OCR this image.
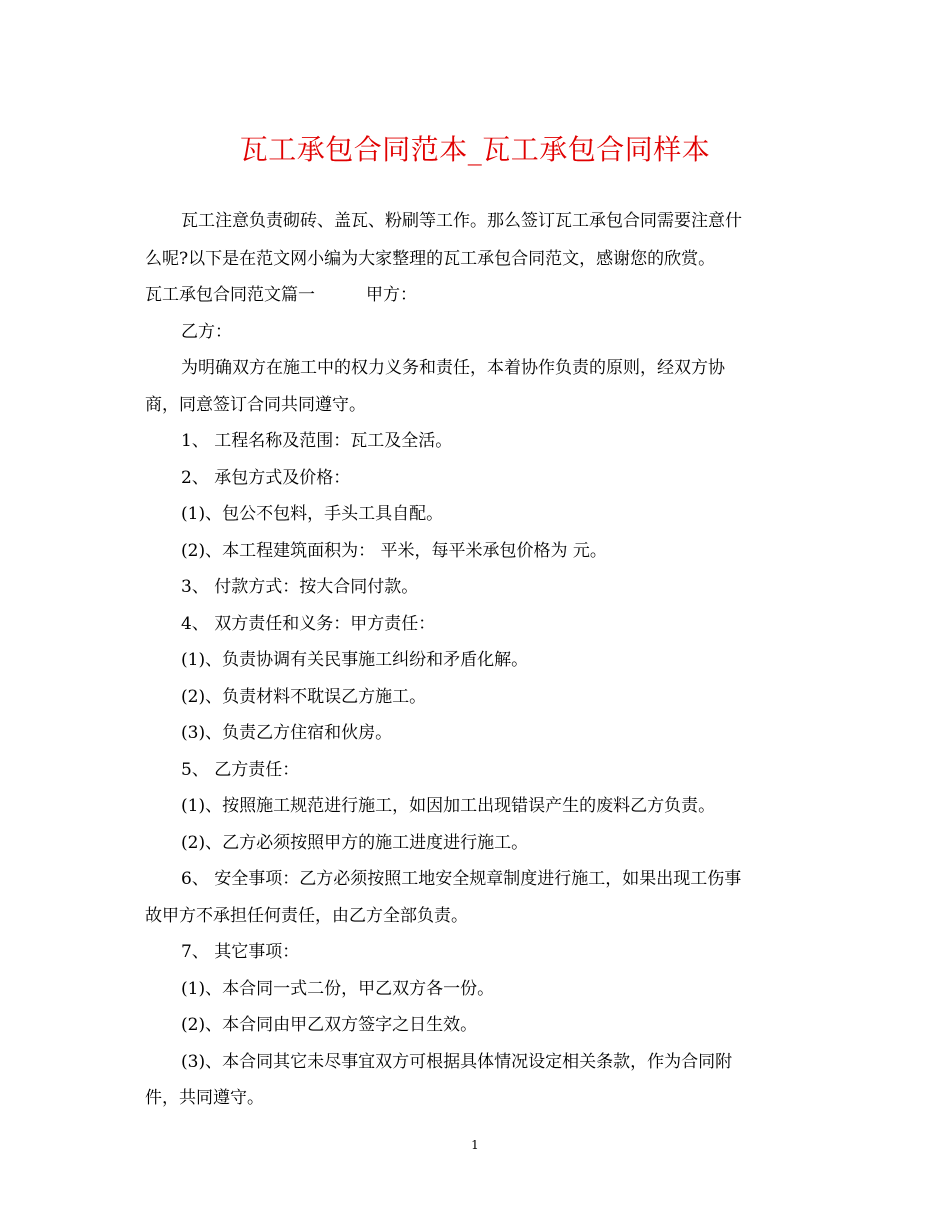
瓦工承包合同范本_瓦工承包合同样本
瓦工注意负责砌砖、盖瓦、粉刷等工作。那么签订瓦工承包合同需要注意什
么呢?以下是在范文网小编为大家整理的瓦工承包合同范文，感谢您的欣赏。
瓦工承包合同范文篇一　　　甲方：
乙方：
为明确双方在施工中的权力义务和责任，本着协作负责的原则，经双方协
商，同意签订合同共同遵守。
1、 工程名称及范围：瓦工及全活。
2、 承包方式及价格：
(1)、包公不包料，手头工具自配。
(2)、本工程建筑面积为： 平米，每平米承包价格为 元。
3、 付款方式：按大合同付款。
4、 双方责任和义务：甲方责任：
(1)、负责协调有关民事施工纠纷和矛盾化解。
(2)、负责材料不耽误乙方施工。
(3)、负责乙方住宿和伙房。
5、 乙方责任：
(1)、按照施工规范进行施工，如因加工出现错误产生的废料乙方负责。
(2)、乙方必须按照甲方的施工进度进行施工。
6、 安全事项：乙方必须按照工地安全规章制度进行施工，如果出现工伤事
故甲方不承担任何责任，由乙方全部负责。
7、 其它事项：
(1)、本合同一式二份，甲乙双方各一份。
(2)、本合同由甲乙双方签字之日生效。
(3)、本合同其它未尽事宜双方可根据具体情况设定相关条款，作为合同附
件，共同遵守。
1
